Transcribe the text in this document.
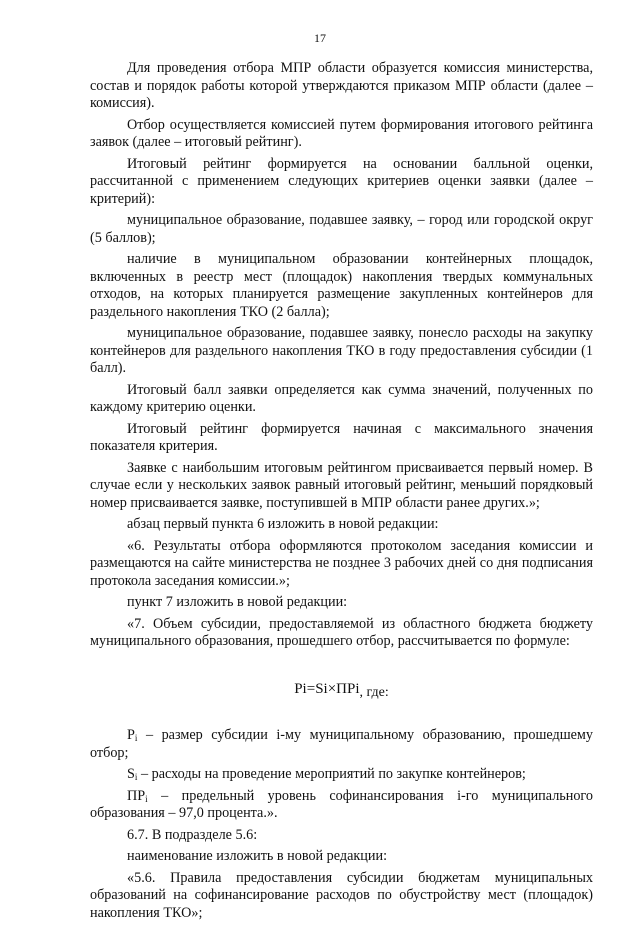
17

Для проведения отбора МПР области образуется комиссия министерства, состав и порядок работы которой утверждаются приказом МПР области (далее – комиссия).

Отбор осуществляется комиссией путем формирования итогового рейтинга заявок (далее – итоговый рейтинг).

Итоговый рейтинг формируется на основании балльной оценки, рассчитанной с применением следующих критериев оценки заявки (далее – критерий):

муниципальное образование, подавшее заявку, – город или городской округ (5 баллов);

наличие в муниципальном образовании контейнерных площадок, включенных в реестр мест (площадок) накопления твердых коммунальных отходов, на которых планируется размещение закупленных контейнеров для раздельного накопления ТКО (2 балла);

муниципальное образование, подавшее заявку, понесло расходы на закупку контейнеров для раздельного накопления ТКО в году предоставления субсидии (1 балл).

Итоговый балл заявки определяется как сумма значений, полученных по каждому критерию оценки.

Итоговый рейтинг формируется начиная с максимального значения показателя критерия.

Заявке с наибольшим итоговым рейтингом присваивается первый номер. В случае если у нескольких заявок равный итоговый рейтинг, меньший порядковый номер присваивается заявке, поступившей в МПР области ранее других.»;

абзац первый пункта 6 изложить в новой редакции:

«6. Результаты отбора оформляются протоколом заседания комиссии и размещаются на сайте министерства не позднее 3 рабочих дней со дня подписания протокола заседания комиссии.»;

пункт 7 изложить в новой редакции:

«7. Объем субсидии, предоставляемой из областного бюджета бюджету муниципального образования, прошедшего отбор, рассчитывается по формуле:

Pi=Si×ПPi, где:

$P_i$ – размер субсидии i-му муниципальному образованию, прошедшему отбор;

$S_i$ – расходы на проведение мероприятий по закупке контейнеров;

$ПР_i$ – предельный уровень софинансирования i-го муниципального образования – 97,0 процента.».

6.7. В подразделе 5.6:

наименование изложить в новой редакции:

«5.6. Правила предоставления субсидии бюджетам муниципальных образований на софинансирование расходов по обустройству мест (площадок) накопления ТКО»;
